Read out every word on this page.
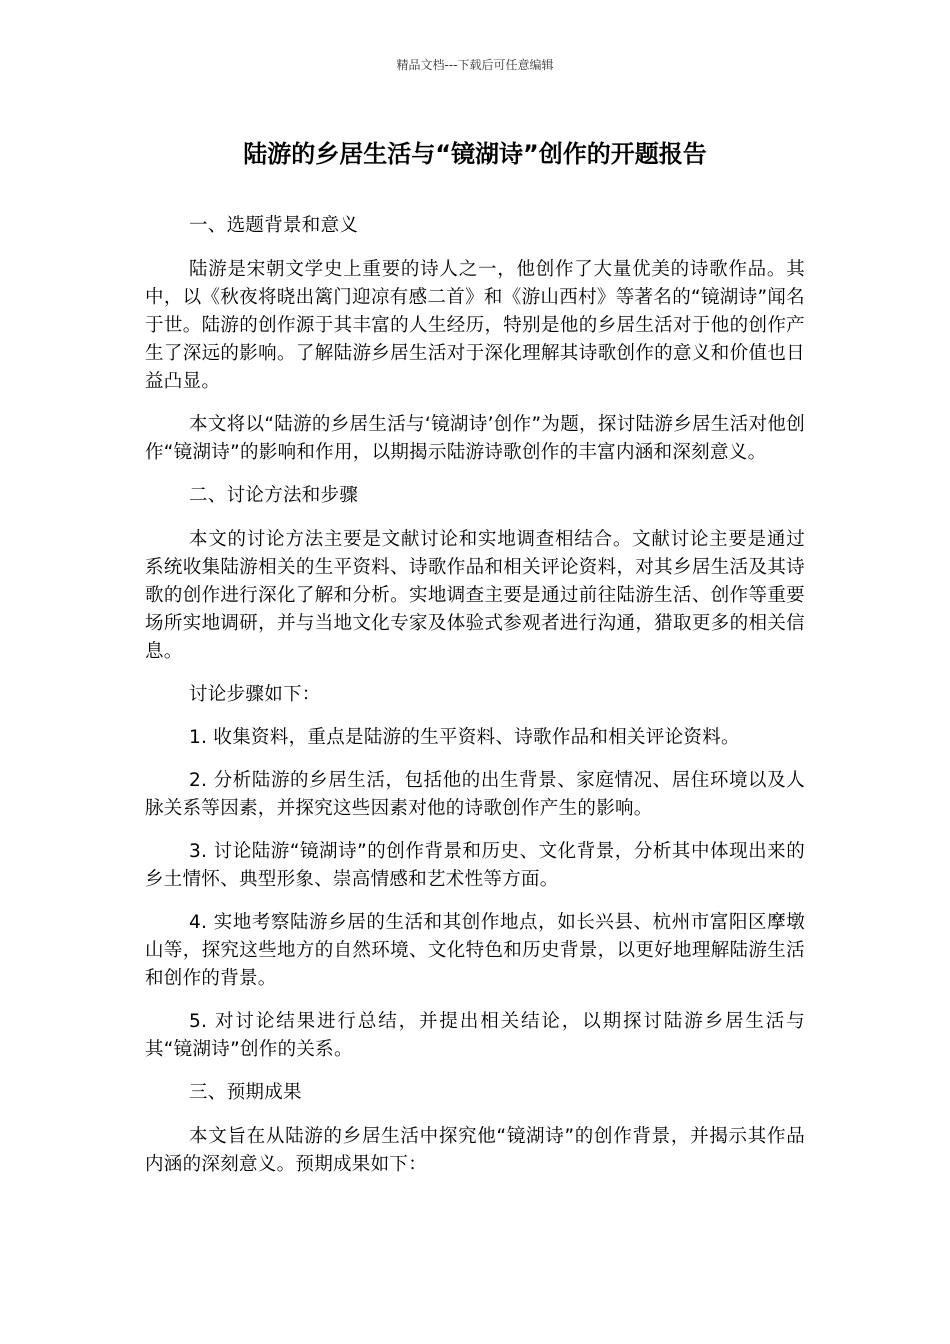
精品文档---下载后可任意编辑
陆游的乡居生活与“镜湖诗”创作的开题报告

一、选题背景和意义

陆游是宋朝文学史上重要的诗人之一，他创作了大量优美的诗歌作品。其中，以《秋夜将晓出篱门迎凉有感二首》和《游山西村》等著名的“镜湖诗”闻名于世。陆游的创作源于其丰富的人生经历，特别是他的乡居生活对于他的创作产生了深远的影响。了解陆游乡居生活对于深化理解其诗歌创作的意义和价值也日益凸显。

本文将以“陆游的乡居生活与‘镜湖诗’创作”为题，探讨陆游乡居生活对他创作“镜湖诗”的影响和作用，以期揭示陆游诗歌创作的丰富内涵和深刻意义。

二、讨论方法和步骤

本文的讨论方法主要是文献讨论和实地调查相结合。文献讨论主要是通过系统收集陆游相关的生平资料、诗歌作品和相关评论资料，对其乡居生活及其诗歌的创作进行深化了解和分析。实地调查主要是通过前往陆游生活、创作等重要场所实地调研，并与当地文化专家及体验式参观者进行沟通，猎取更多的相关信息。

讨论步骤如下：

1. 收集资料，重点是陆游的生平资料、诗歌作品和相关评论资料。

2. 分析陆游的乡居生活，包括他的出生背景、家庭情况、居住环境以及人脉关系等因素，并探究这些因素对他的诗歌创作产生的影响。

3. 讨论陆游“镜湖诗”的创作背景和历史、文化背景，分析其中体现出来的乡土情怀、典型形象、崇高情感和艺术性等方面。

4. 实地考察陆游乡居的生活和其创作地点，如长兴县、杭州市富阳区摩墩山等，探究这些地方的自然环境、文化特色和历史背景，以更好地理解陆游生活和创作的背景。

5. 对讨论结果进行总结，并提出相关结论，以期探讨陆游乡居生活与其“镜湖诗”创作的关系。

三、预期成果

本文旨在从陆游的乡居生活中探究他“镜湖诗”的创作背景，并揭示其作品内涵的深刻意义。预期成果如下：
